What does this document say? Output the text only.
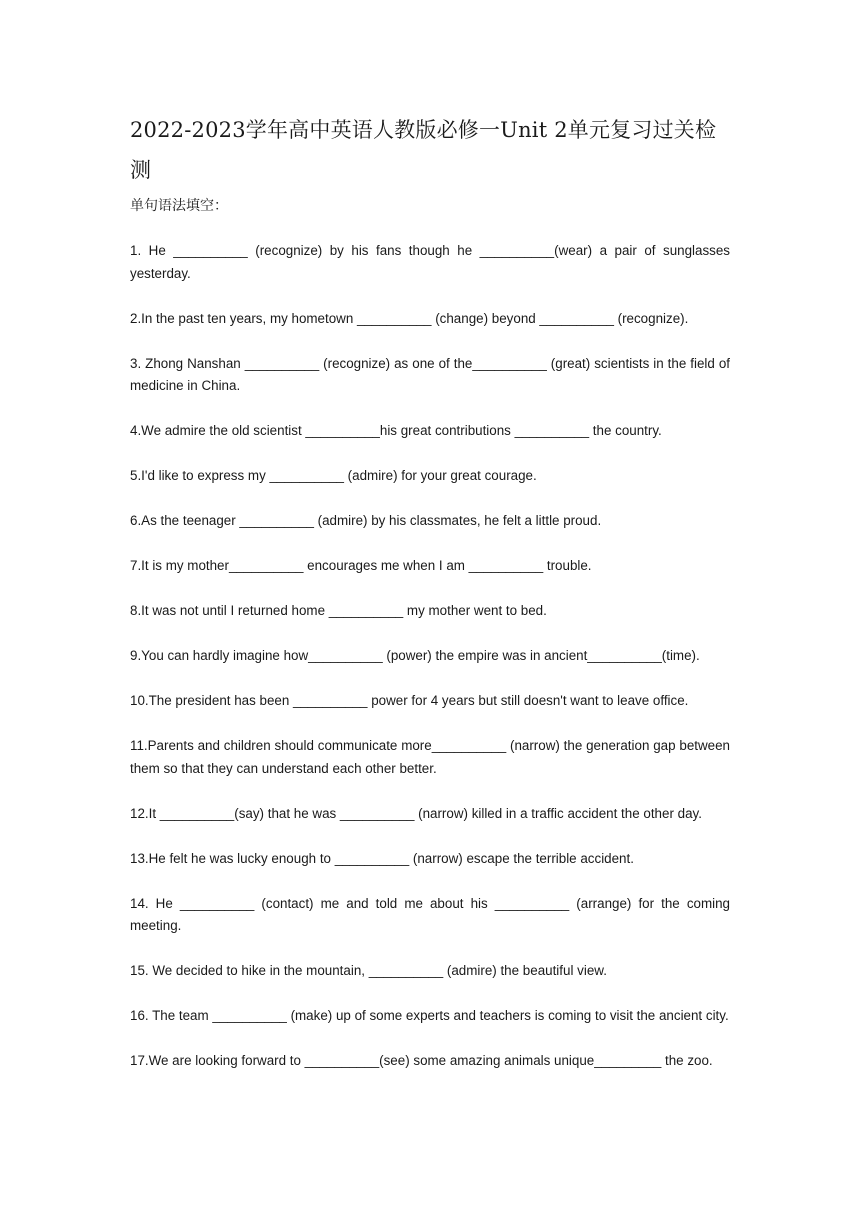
2022-2023学年高中英语人教版必修一Unit 2单元复习过关检测
单句语法填空：
1. He __________ (recognize) by his fans though he __________(wear) a pair of sunglasses yesterday.
2.In the past ten years, my hometown __________ (change) beyond __________ (recognize).
3. Zhong Nanshan __________ (recognize) as one of the__________ (great) scientists in the field of medicine in China.
4.We admire the old scientist __________his great contributions __________ the country.
5.I'd like to express my __________ (admire) for your great courage.
6.As the teenager __________ (admire) by his classmates, he felt a little proud.
7.It is my mother__________ encourages me when I am __________ trouble.
8.It was not until I returned home __________ my mother went to bed.
9.You can hardly imagine how__________ (power) the empire was in ancient__________(time).
10.The president has been __________ power for 4 years but still doesn't want to leave office.
11.Parents and children should communicate more__________ (narrow) the generation gap between them so that they can understand each other better.
12.It __________(say) that he was __________ (narrow) killed in a traffic accident the other day.
13.He felt he was lucky enough to __________ (narrow) escape the terrible accident.
14. He __________ (contact) me and told me about his __________ (arrange) for the coming meeting.
15. We decided to hike in the mountain, __________ (admire) the beautiful view.
16. The team __________ (make) up of some experts and teachers is coming to visit the ancient city.
17.We are looking forward to __________(see) some amazing animals unique_________ the zoo.
